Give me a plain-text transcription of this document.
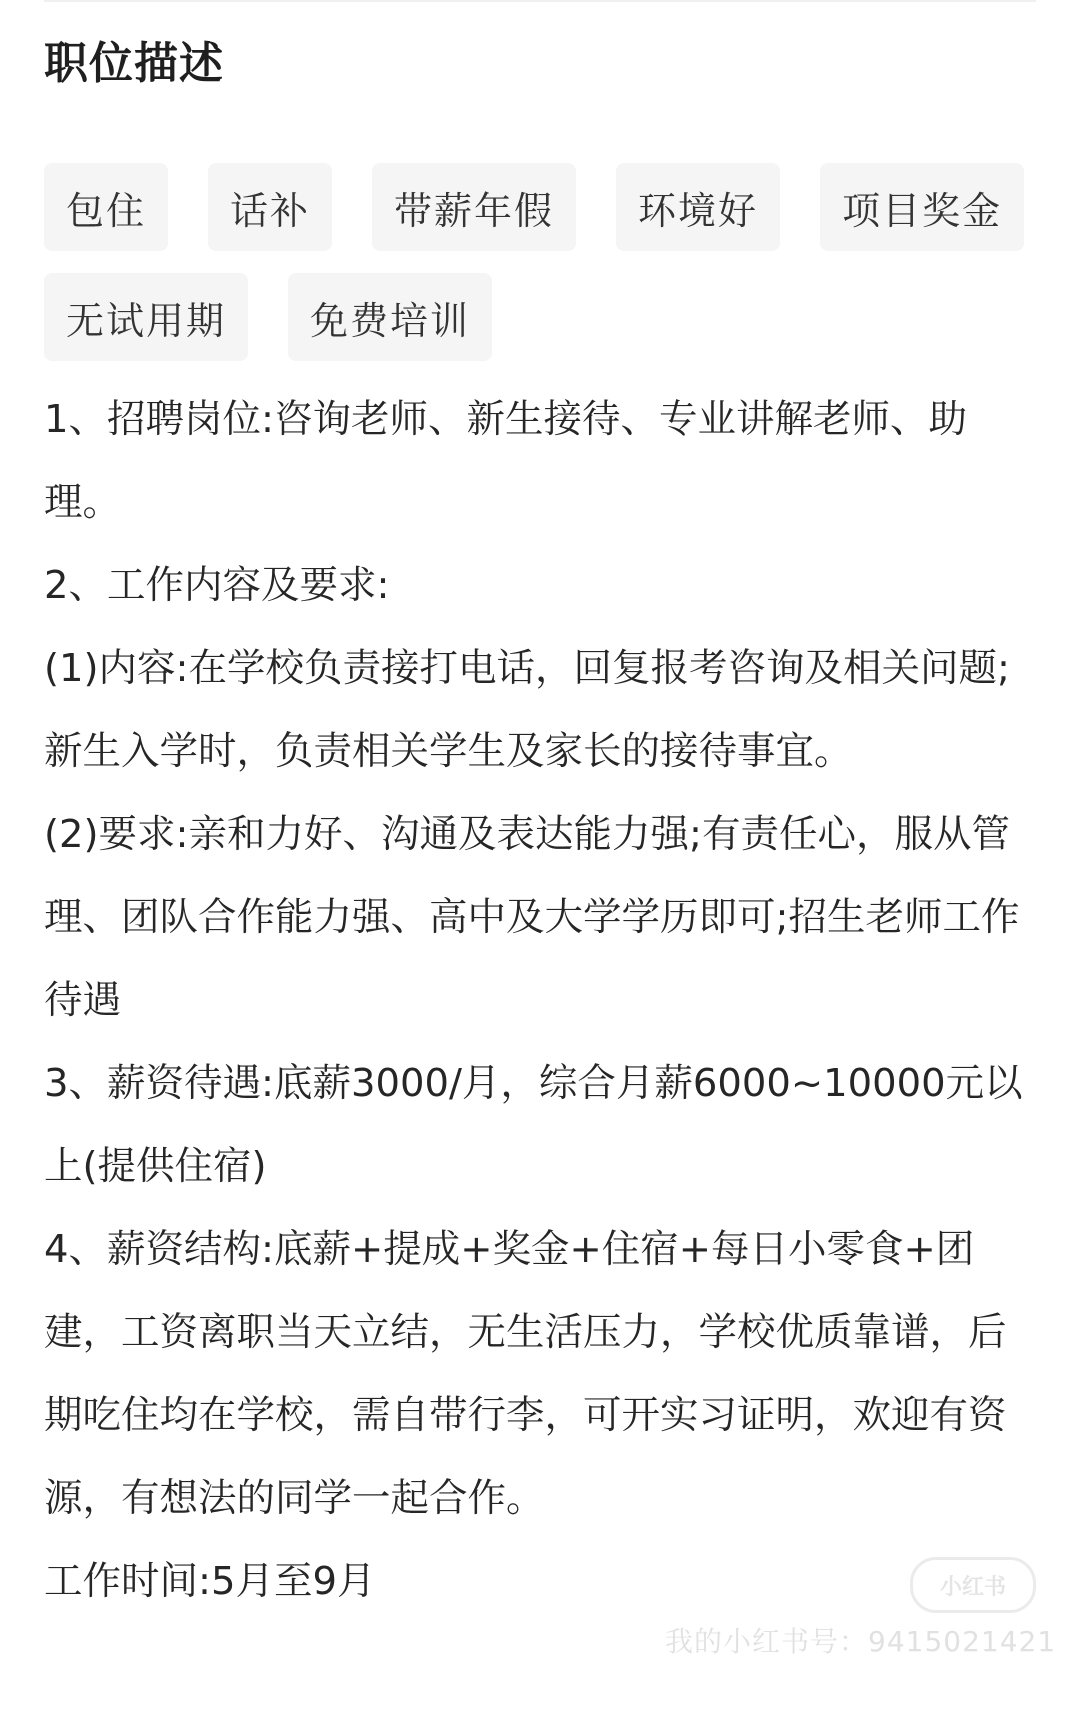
职位描述
包住	话补	带薪年假	环境好	项目奖金
无试用期	免费培训

1、招聘岗位:咨询老师、新生接待、专业讲解老师、助理。

2、工作内容及要求:

(1)内容:在学校负责接打电话，回复报考咨询及相关问题;新生入学时，负责相关学生及家长的接待事宜。

(2)要求:亲和力好、沟通及表达能力强;有责任心，服从管理、团队合作能力强、高中及大学学历即可;招生老师工作待遇

3、薪资待遇:底薪3000/月，综合月薪6000~10000元以上(提供住宿)

4、薪资结构:底薪+提成+奖金+住宿+每日小零食+团建，工资离职当天立结，无生活压力，学校优质靠谱，后期吃住均在学校，需自带行李，可开实习证明，欢迎有资源，有想法的同学一起合作。

工作时间:5月至9月	小红书
我的小红书号：9415021421
